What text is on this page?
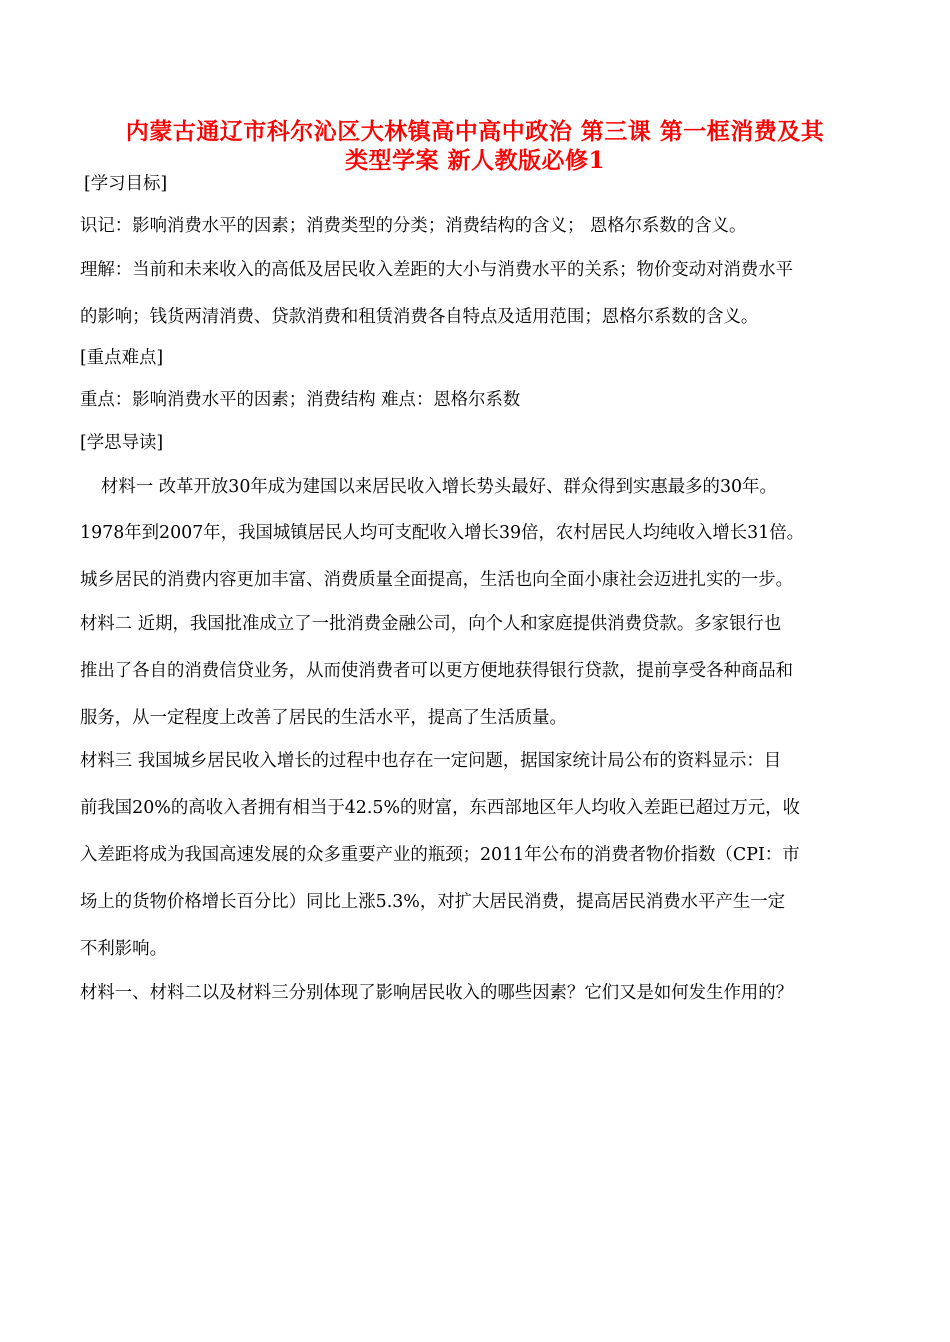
内蒙古通辽市科尔沁区大林镇高中高中政治 第三课 第一框消费及其
类型学案 新人教版必修1
[学习目标]
识记：影响消费水平的因素；消费类型的分类；消费结构的含义； 恩格尔系数的含义。
理解：当前和未来收入的高低及居民收入差距的大小与消费水平的关系；物价变动对消费水平
的影响；钱货两清消费、贷款消费和租赁消费各自特点及适用范围；恩格尔系数的含义。
[重点难点]
重点：影响消费水平的因素；消费结构 难点：恩格尔系数
[学思导读]
材料一 改革开放30年成为建国以来居民收入增长势头最好、群众得到实惠最多的30年。
1978年到2007年，我国城镇居民人均可支配收入增长39倍，农村居民人均纯收入增长31倍。
城乡居民的消费内容更加丰富、消费质量全面提高，生活也向全面小康社会迈进扎实的一步。
材料二 近期，我国批准成立了一批消费金融公司，向个人和家庭提供消费贷款。多家银行也
推出了各自的消费信贷业务，从而使消费者可以更方便地获得银行贷款，提前享受各种商品和
服务，从一定程度上改善了居民的生活水平，提高了生活质量。
材料三 我国城乡居民收入增长的过程中也存在一定问题，据国家统计局公布的资料显示：目
前我国20%的高收入者拥有相当于42.5%的财富，东西部地区年人均收入差距已超过万元，收
入差距将成为我国高速发展的众多重要产业的瓶颈；2011年公布的消费者物价指数（CPI：市
场上的货物价格增长百分比）同比上涨5.3%，对扩大居民消费，提高居民消费水平产生一定
不利影响。
材料一、材料二以及材料三分别体现了影响居民收入的哪些因素？它们又是如何发生作用的？
